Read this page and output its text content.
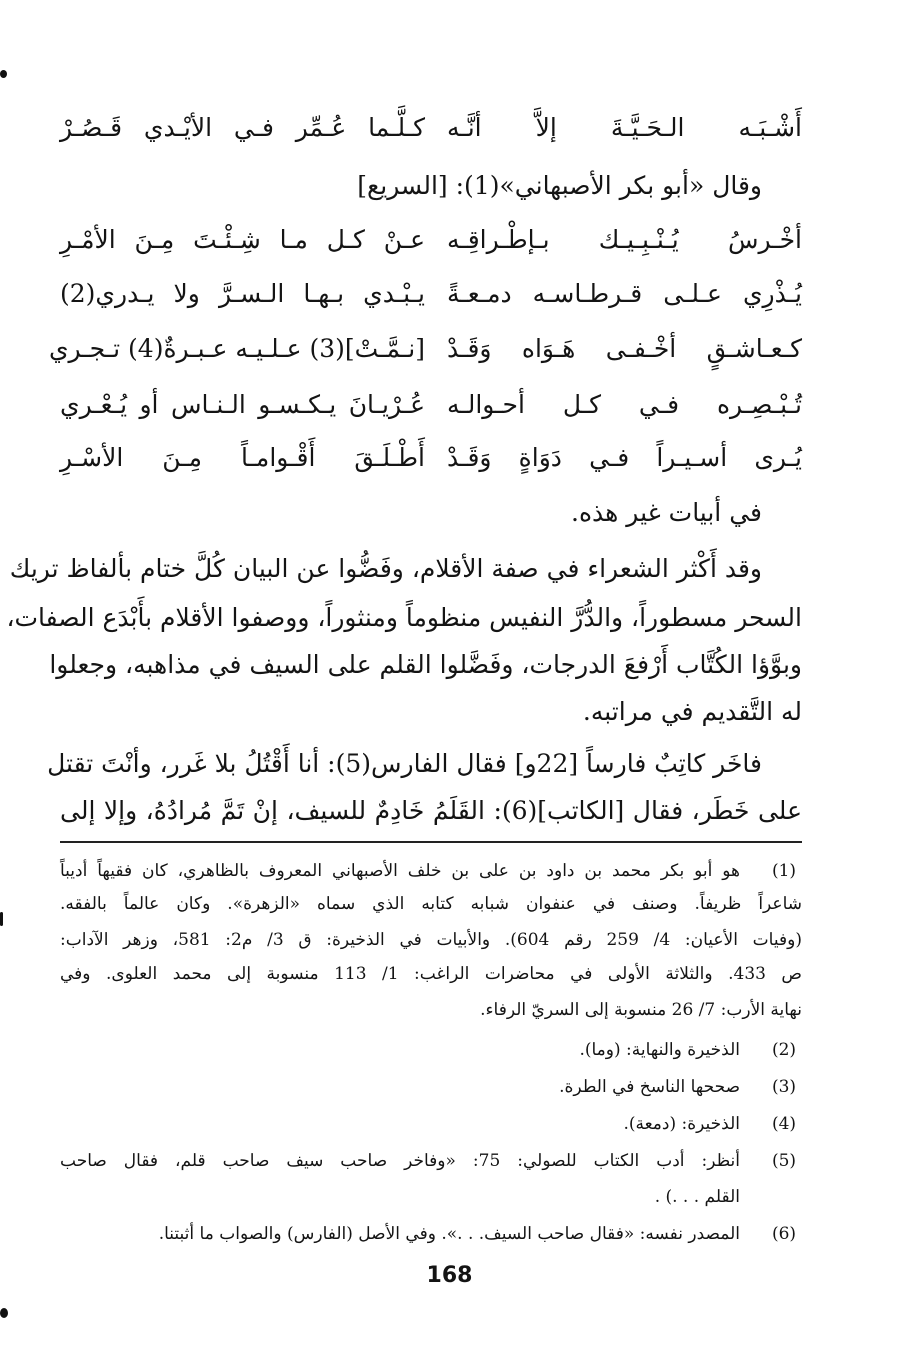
أَشْـبَـه الـحَـيَّـةَ إلاَّ أنَّـه
كـلَّـما عُـمِّر فـي الأيْـدي قَـصُـرْ
وقال «أبو بكر الأصبهاني»(1): [السريع]
أخْـرسُ يُـنْـبِـيـك بـإطْـراقِـه
عـنْ كـل مـا شِـئْـتَ مِـنَ الأمْـرِ
يُـذْرِي عـلـى قـرطـاسـه دمـعـةً
يـبْـدي بـهـا الـسـرَّ ولا يـدري(2)
كـعـاشـقٍ أخْـفـى هَـوَاه وَقَـدْ
[نـمَّـتْ](3) عـلـيـه عـبـرةٌ(4) تـجـري
تُـبْـصِـره فـي كـل أحـوالـه
عُـرْيـانَ يـكـسـو الـنـاس أو يُـعْـري
يُـرى أسـيـراً فـي دَوَاةٍ وَقَـدْ
أَطْـلَـقَ أَقْـوامـاً مِـنَ الأسْـرِ
في أبيات غير هذه.
وقد أَكْثر الشعراء في صفة الأقلام، وفَضُّوا عن البيان كُلَّ ختام بألفاظ تريك
السحر مسطوراً، والدُّرَّ النفيس منظوماً ومنثوراً، ووصفوا الأقلام بأَبْدَع الصفات،
وبوَّؤا الكُتَّاب أَرْفعَ الدرجات، وفَضَّلوا القلم على السيف في مذاهبه، وجعلوا
له التَّقديم في مراتبه.
فاخَر كاتِبٌ فارساً [22و] فقال الفارس(5): أنا أَقْتُلُ بلا غَرر، وأنْتَ تقتل
على خَطَر، فقال [الكاتب](6): القَلَمُ خَادِمٌ للسيف، إنْ تَمَّ مُرادُهُ، وإلا إلى
(1)
هو أبو بكر محمد بن داود بن على بن خلف الأصبهاني المعروف بالظاهري، كان فقيهاً أديباً
شاعراً ظريفاً. وصنف في عنفوان شبابه كتابه الذي سماه «الزهرة». وكان عالماً بالفقه.
(وفيات الأعيان: 4/ 259 رقم 604). والأبيات في الذخيرة: ق 3/ م2: 581، وزهر الآداب:
ص 433. والثلاثة الأولى في محاضرات الراغب: 1/ 113 منسوبة إلى محمد العلوى. وفي
نهاية الأرب: 7/ 26 منسوبة إلى السريّ الرفاء.
(2)
الذخيرة والنهاية: (وما).
(3)
صححها الناسخ في الطرة.
(4)
الذخيرة: (دمعة).
(5)
أنظر: أدب الكتاب للصولي: 75: «وفاخر صاحب سيف صاحب قلم، فقال صاحب
القلم . . .) .
(6)
المصدر نفسه: «فقال صاحب السيف. . .». وفي الأصل (الفارس) والصواب ما أثبتنا.
168
